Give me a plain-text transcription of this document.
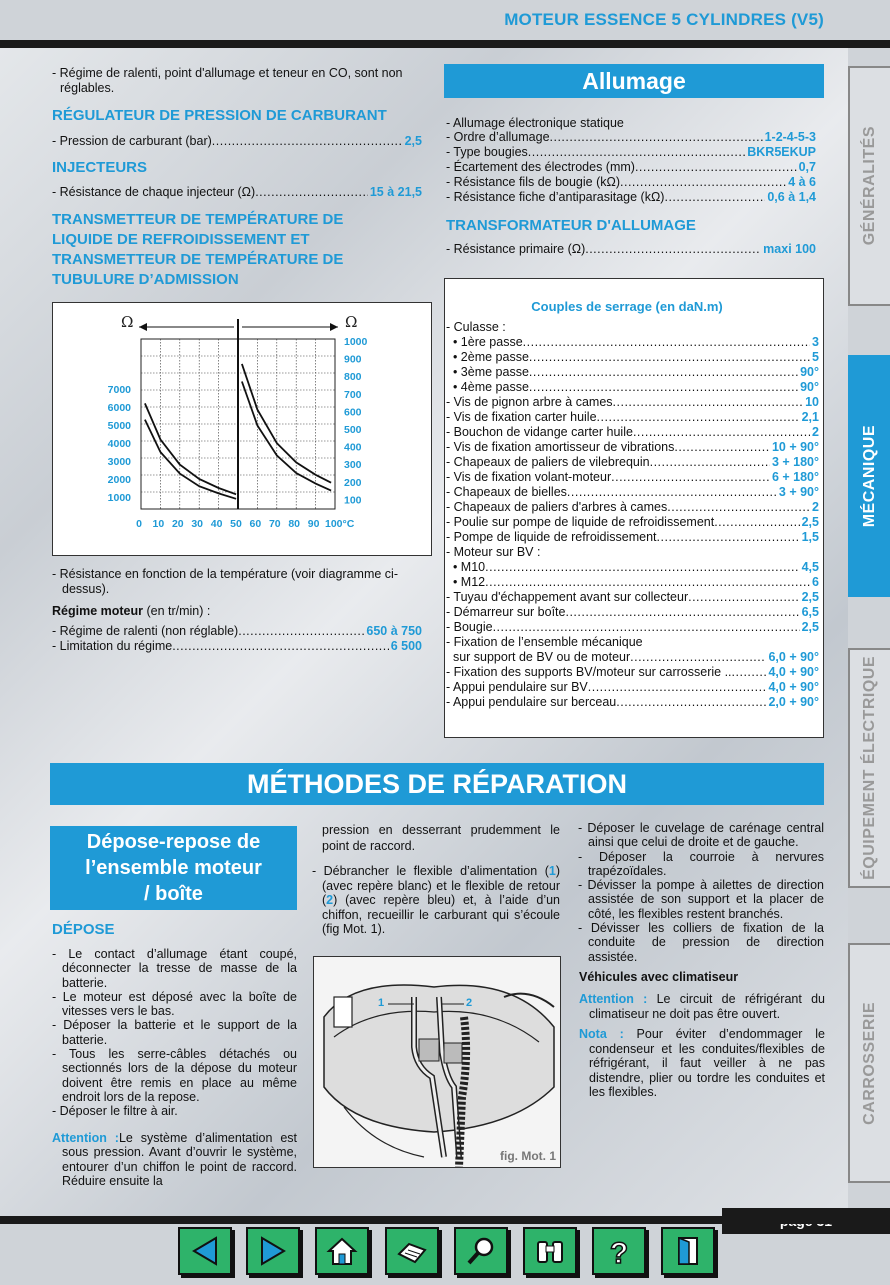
MOTEUR ESSENCE 5 CYLINDRES (V5)
- Régime de ralenti, point d'allumage et teneur en CO, sont non réglables.
RÉGULATEUR DE PRESSION DE CARBURANT
- Pression de carburant (bar) .....	2,5
INJECTEURS
- Résistance de chaque injecteur (Ω) .....	15 à 21,5
TRANSMETTEUR DE TEMPÉRATURE DE LIQUIDE DE REFROIDISSEMENT ET TRANSMETTEUR DE TEMPÉRATURE DE TUBULURE D’ADMISSION
Ω	Ω
7000
6000
5000
4000
3000
2000
1000
1000
900
800
700
600
500
400
300
200
100
0 10 20 30 40 50 60 70 80 90 100°C
- Résistance en fonction de la température (voir diagramme ci-dessus).
Régime moteur (en tr/min) :
- Régime de ralenti (non réglable) .....	650 à 750
- Limitation du régime .....	6 500
Allumage
- Allumage électronique statique
- Ordre d’allumage .....	1-2-4-5-3
- Type bougies .....	BKR5EKUP
- Écartement des électrodes (mm) .....	0,7
- Résistance fils de bougie (kΩ) .....	4 à 6
- Résistance fiche d’antiparasitage (kΩ) .....	0,6 à 1,4
TRANSFORMATEUR D'ALLUMAGE
- Résistance primaire (Ω) .....	maxi 100
Couples de serrage (en daN.m)
- Culasse :
• 1ère passe .....	3
• 2ème passe .....	5
• 3ème passe .....	90°
• 4ème passe .....	90°
- Vis de pignon arbre à cames .....	10
- Vis de fixation carter huile .....	2,1
- Bouchon de vidange carter huile .....	2
- Vis de fixation amortisseur de vibrations .....	10 + 90°
- Chapeaux de paliers de vilebrequin .....	3 + 180°
- Vis de fixation volant-moteur .....	6 + 180°
- Chapeaux de bielles .....	3 + 90°
- Chapeaux de paliers d'arbres à cames .....	2
- Poulie sur pompe de liquide de refroidissement .....	2,5
- Pompe de liquide de refroidissement .....	1,5
- Moteur sur BV :
• M10 .....	4,5
• M12 .....	6
- Tuyau d'échappement avant sur collecteur .....	2,5
- Démarreur sur boîte .....	6,5
- Bougie .....	2,5
- Fixation de l’ensemble mécanique
sur support de BV ou de moteur .....	6,0 + 90°
- Fixation des supports BV/moteur sur carrosserie .. .....	4,0 + 90°
- Appui pendulaire sur BV .....	4,0 + 90°
- Appui pendulaire sur berceau .....	2,0 + 90°
MÉTHODES DE RÉPARATION
Dépose-repose de l’ensemble moteur / boîte
DÉPOSE

- Le contact d’allumage étant coupé, déconnecter la tresse de masse de la batterie.

- Le moteur est déposé avec la boîte de vitesses vers le bas.

- Déposer la batterie et le support de la batterie.

- Tous les serre-câbles détachés ou sectionnés lors de la dépose du moteur doivent être remis en place au même endroit lors de la repose.

- Déposer le filtre à air.

Attention :Le système d’alimentation est sous pression. Avant d’ouvrir le système, entourer d’un chiffon le point de raccord. Réduire ensuite la
pression en desserrant prudemment le point de raccord.
- Débrancher le flexible d’alimentation (1) (avec repère blanc) et le flexible de retour (2) (avec repère bleu) et, à l’aide d’un chiffon, recueillir le carburant qui s’écoule (fig Mot. 1).
1	2
fig. Mot. 1

- Déposer le cuvelage de carénage central ainsi que celui de droite et de gauche.

- Déposer la courroie à nervures trapézoïdales.

- Dévisser la pompe à ailettes de direction assistée de son support et la placer de côté, les flexibles restent branchés.

- Dévisser les colliers de fixation de la conduite de pression de direction assistée.

Véhicules avec climatiseur
Attention : Le circuit de réfrigérant du climatiseur ne doit pas être ouvert.
Nota : Pour éviter d’endommager le condenseur et les conduites/flexibles de réfrigérant, il faut veiller à ne pas distendre, plier ou tordre les conduites et les flexibles.
GÉNÉRALITÉS
MÉCANIQUE
ÉQUIPEMENT ÉLECTRIQUE
CARROSSERIE
?
